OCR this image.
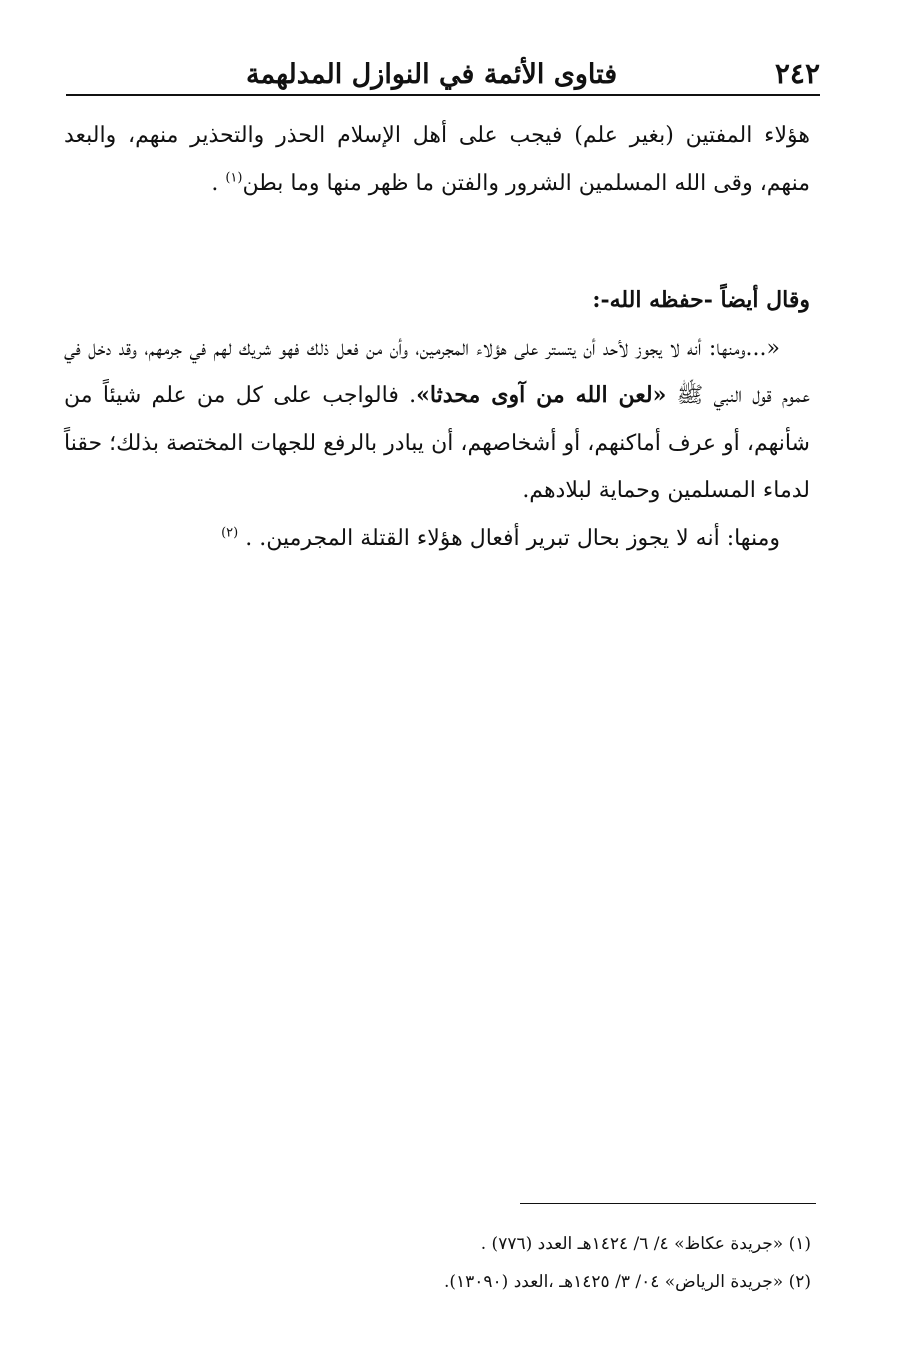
٢٤٢
فتاوى الأئمة في النوازل المدلهمة

هؤلاء المفتين (بغير علم) فيجب على أهل الإسلام الحذر والتحذير منهم، والبعد منهم، وقى الله المسلمين الشرور والفتن ما ظهر منها وما بطن$^{(١)}$ .

وقال أيضاً -حفظه الله-:

«...ومنها: أنه لا يجوز لأحد أن يتستر على هؤلاء المجرمين، وأن من فعل ذلك فهو شريك لهم في جرمهم، وقد دخل في عموم قول النبي ﷺ «لعن الله من آوى محدثا». فالواجب على كل من علم شيئاً من شأنهم، أو عرف أماكنهم، أو أشخاصهم، أن يبادر بالرفع للجهات المختصة بذلك؛ حقناً لدماء المسلمين وحماية لبلادهم.

ومنها: أنه لا يجوز بحال تبرير أفعال هؤلاء القتلة المجرمين. . $^{(٢)}$

(١) «جريدة عكاظ» ٤/ ٦/ ١٤٢٤هـ العدد (٧٧٦) .

(٢) «جريدة الرياض» ٠٤/ ٣/ ١٤٢٥هـ ،العدد (١٣٠٩٠).
